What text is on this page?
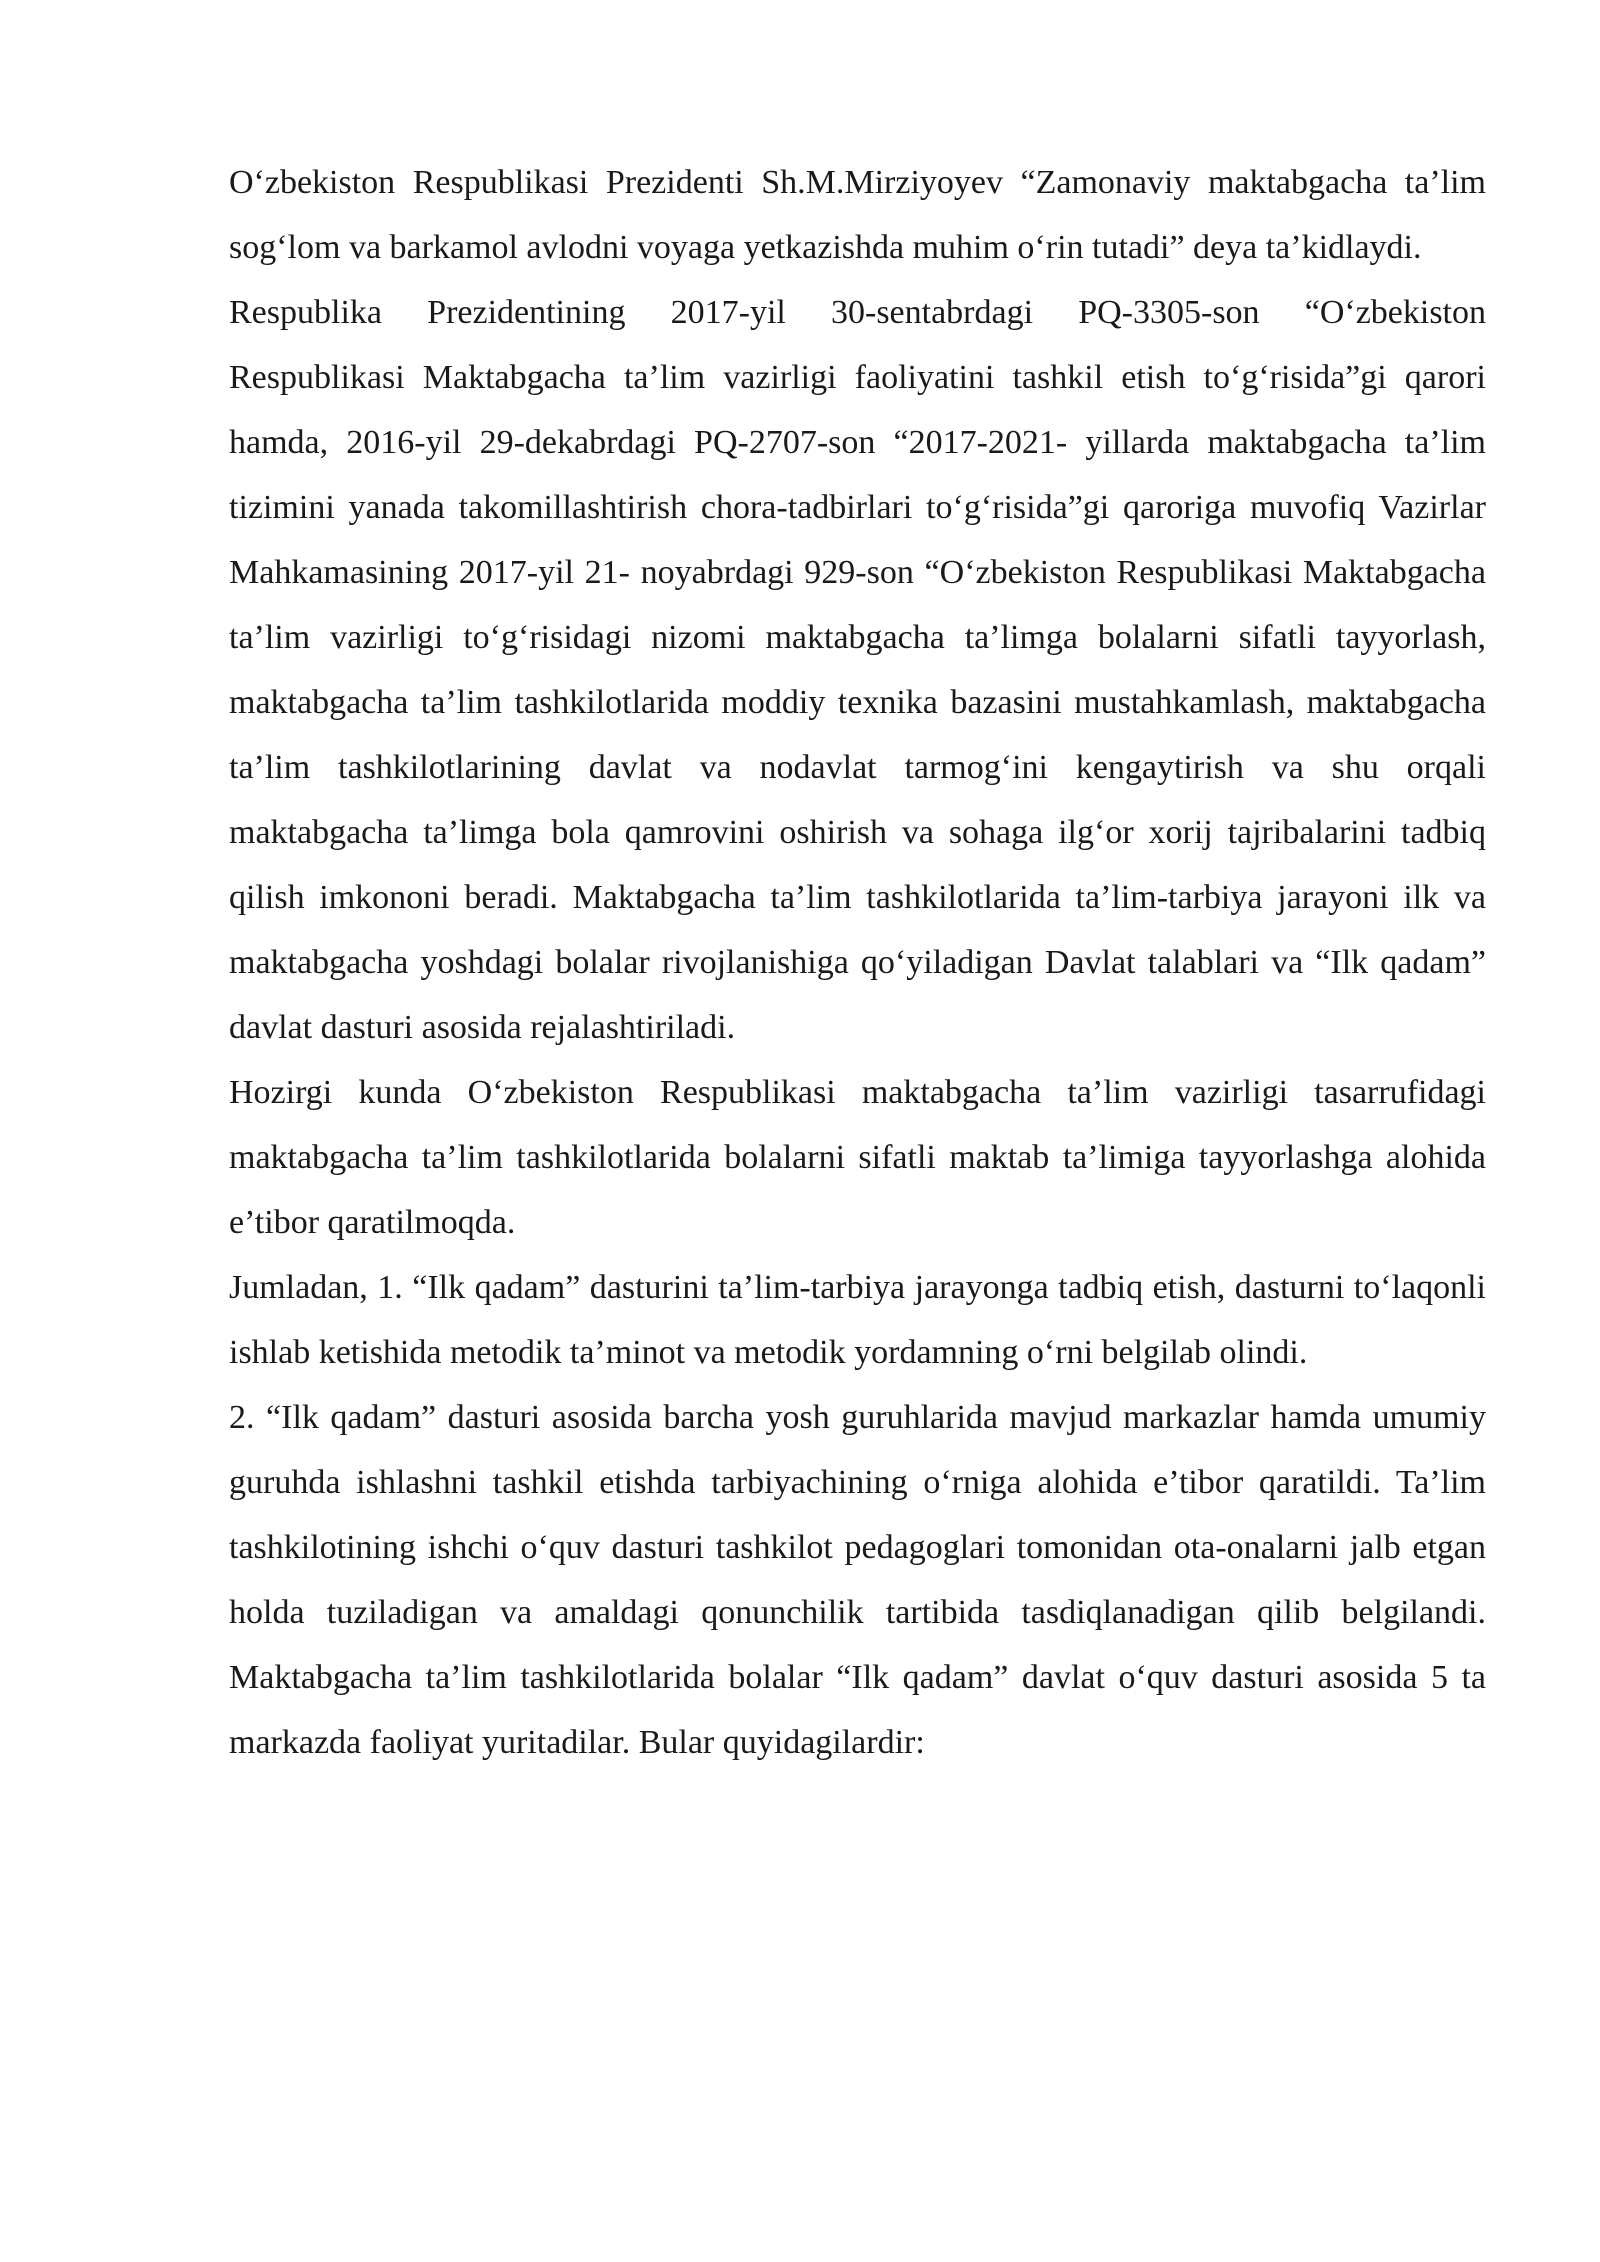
O‘zbekiston Respublikasi Prezidenti Sh.M.Mirziyoyev “Zamonaviy maktabgacha ta’lim sog‘lom va barkamol avlodni voyaga yetkazishda muhim o‘rin tutadi” deya ta’kidlaydi.

Respublika Prezidentining 2017-yil 30-sentabrdagi PQ-3305-son “O‘zbekiston Respublikasi Maktabgacha ta’lim vazirligi faoliyatini tashkil etish to‘g‘risida”gi qarori hamda, 2016-yil 29-dekabrdagi PQ-2707-son “2017-2021- yillarda maktabgacha ta’lim tizimini yanada takomillashtirish chora-tadbirlari to‘g‘risida”gi qaroriga muvofiq Vazirlar Mahkamasining 2017-yil 21- noyabrdagi 929-son “O‘zbekiston Respublikasi Maktabgacha ta’lim vazirligi to‘g‘risidagi nizomi maktabgacha ta’limga bolalarni sifatli tayyorlash, maktabgacha ta’lim tashkilotlarida moddiy texnika bazasini mustahkamlash, maktabgacha ta’lim tashkilotlarining davlat va nodavlat tarmog‘ini kengaytirish va shu orqali maktabgacha ta’limga bola qamrovini oshirish va sohaga ilg‘or xorij tajribalarini tadbiq qilish imkononi beradi. Maktabgacha ta’lim tashkilotlarida ta’lim-tarbiya jarayoni ilk va maktabgacha yoshdagi bolalar rivojlanishiga qo‘yiladigan Davlat talablari va “Ilk qadam” davlat dasturi asosida rejalashtiriladi.

Hozirgi kunda O‘zbekiston Respublikasi maktabgacha ta’lim vazirligi tasarrufidagi maktabgacha ta’lim tashkilotlarida bolalarni sifatli maktab ta’limiga tayyorlashga alohida e’tibor qaratilmoqda.

Jumladan, 1. “Ilk qadam” dasturini ta’lim-tarbiya jarayonga tadbiq etish, dasturni to‘laqonli ishlab ketishida metodik ta’minot va metodik yordamning o‘rni belgilab olindi.

2. “Ilk qadam” dasturi asosida barcha yosh guruhlarida mavjud markazlar hamda umumiy guruhda ishlashni tashkil etishda tarbiyachining o‘rniga alohida e’tibor qaratildi. Ta’lim tashkilotining ishchi o‘quv dasturi tashkilot pedagoglari tomonidan ota-onalarni jalb etgan holda tuziladigan va amaldagi qonunchilik tartibida tasdiqlanadigan qilib belgilandi. Maktabgacha ta’lim tashkilotlarida bolalar “Ilk qadam” davlat o‘quv dasturi asosida 5 ta markazda faoliyat yuritadilar. Bular quyidagilardir:
